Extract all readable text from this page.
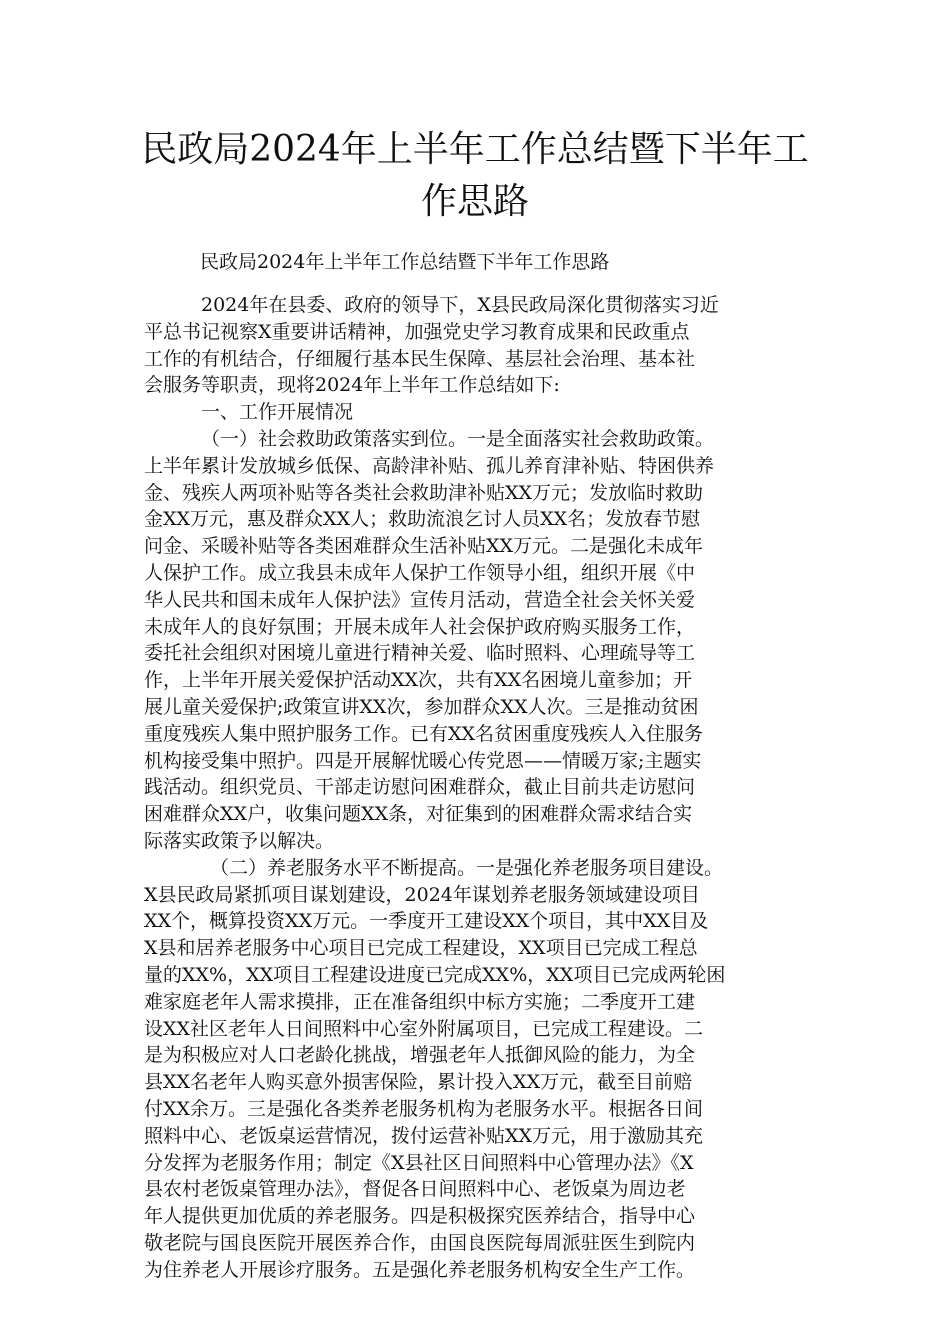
民政局2024年上半年工作总结暨下半年工
作思路
民政局2024年上半年工作总结暨下半年工作思路
2024年在县委、政府的领导下，X县民政局深化贯彻落实习近
平总书记视察X重要讲话精神，加强党史学习教育成果和民政重点
工作的有机结合，仔细履行基本民生保障、基层社会治理、基本社
会服务等职责，现将2024年上半年工作总结如下:
一、工作开展情况
（一）社会救助政策落实到位。一是全面落实社会救助政策。
上半年累计发放城乡低保、高龄津补贴、孤儿养育津补贴、特困供养
金、残疾人两项补贴等各类社会救助津补贴XX万元；发放临时救助
金XX万元，惠及群众XX人；救助流浪乞讨人员XX名；发放春节慰
问金、采暖补贴等各类困难群众生活补贴XX万元。二是强化未成年
人保护工作。成立我县未成年人保护工作领导小组，组织开展《中
华人民共和国未成年人保护法》宣传月活动，营造全社会关怀关爱
未成年人的良好氛围；开展未成年人社会保护政府购买服务工作，
委托社会组织对困境儿童进行精神关爱、临时照料、心理疏导等工
作，上半年开展关爱保护活动XX次，共有XX名困境儿童参加；开
展儿童关爱保护;政策宣讲XX次，参加群众XX人次。三是推动贫困
重度残疾人集中照护服务工作。已有XX名贫困重度残疾人入住服务
机构接受集中照护。四是开展解忧暖心传党恩——情暖万家;主题实
践活动。组织党员、干部走访慰问困难群众，截止目前共走访慰问
困难群众XX户，收集问题XX条，对征集到的困难群众需求结合实
际落实政策予以解决。
（二）养老服务水平不断提高。一是强化养老服务项目建设。
X县民政局紧抓项目谋划建设，2024年谋划养老服务领域建设项目
XX个，概算投资XX万元。一季度开工建设XX个项目，其中XX目及
X县和居养老服务中心项目已完成工程建设，XX项目已完成工程总
量的XX%，XX项目工程建设进度已完成XX%，XX项目已完成两轮困
难家庭老年人需求摸排，正在准备组织中标方实施；二季度开工建
设XX社区老年人日间照料中心室外附属项目，已完成工程建设。二
是为积极应对人口老龄化挑战，增强老年人抵御风险的能力，为全
县XX名老年人购买意外损害保险，累计投入XX万元，截至目前赔
付XX余万。三是强化各类养老服务机构为老服务水平。根据各日间
照料中心、老饭桌运营情况，拨付运营补贴XX万元，用于激励其充
分发挥为老服务作用；制定《X县社区日间照料中心管理办法》《X
县农村老饭桌管理办法》，督促各日间照料中心、老饭桌为周边老
年人提供更加优质的养老服务。四是积极探究医养结合，指导中心
敬老院与国良医院开展医养合作，由国良医院每周派驻医生到院内
为住养老人开展诊疗服务。五是强化养老服务机构安全生产工作。
